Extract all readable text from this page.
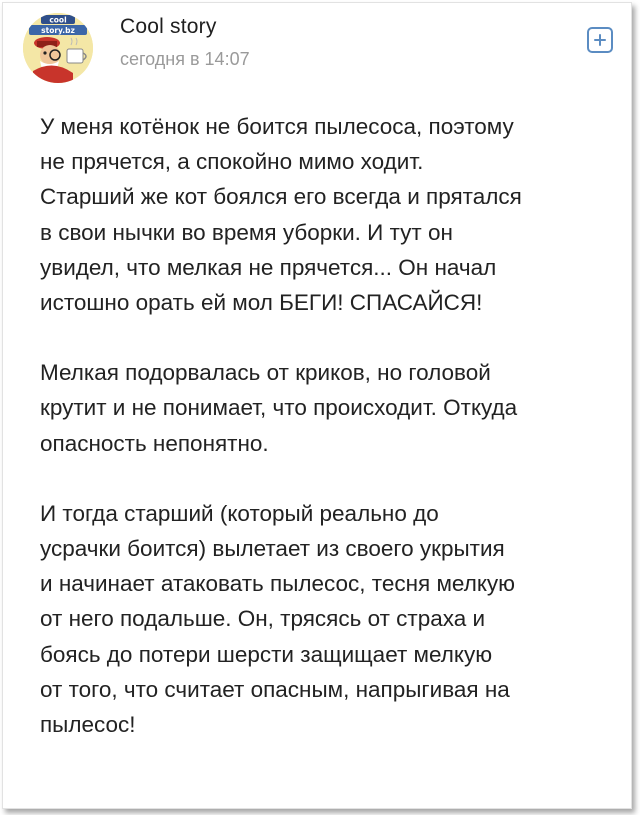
cool
story.bz Cool story
сегодня в 14:07

У меня котёнок не боится пылесоса, поэтому
не прячется, а спокойно мимо ходит.
Старший же кот боялся его всегда и прятался
в свои нычки во время уборки. И тут он
увидел, что мелкая не прячется... Он начал
истошно орать ей мол БЕГИ! СПАСАЙСЯ!

Мелкая подорвалась от криков, но головой
крутит и не понимает, что происходит. Откуда
опасность непонятно.

И тогда старший (который реально до
усрачки боится) вылетает из своего укрытия
и начинает атаковать пылесос, тесня мелкую
от него подальше. Он, трясясь от страха и
боясь до потери шерсти защищает мелкую
от того, что считает опасным, напрыгивая на
пылесос!
